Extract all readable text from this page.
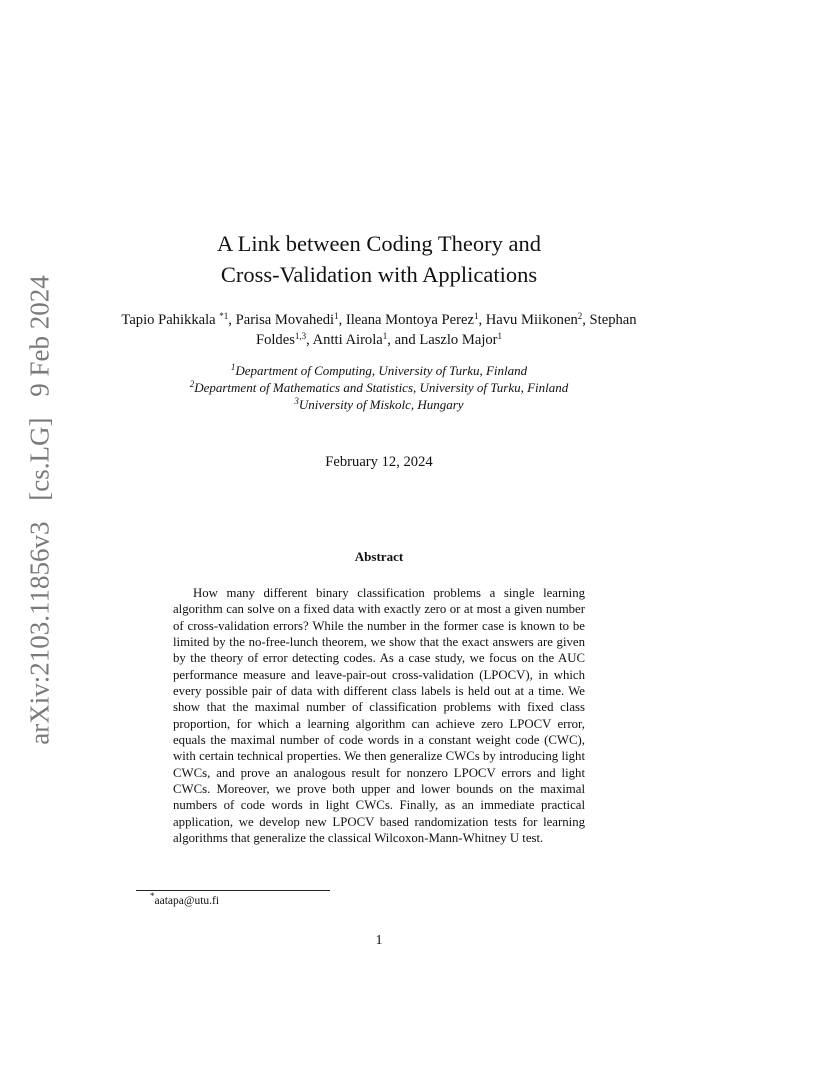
arXiv:2103.11856v3 [cs.LG] 9 Feb 2024
A Link between Coding Theory and
Cross-Validation with Applications
Tapio Pahikkala $^{*1}$, Parisa Movahedi$^1$, Ileana Montoya Perez$^1$, Havu Miikonen$^2$, Stephan Foldes$^{1,3}$, Antti Airola$^1$, and Laszlo Major$^1$
$^1$Department of Computing, University of Turku, Finland
$^2$Department of Mathematics and Statistics, University of Turku, Finland
$^3$University of Miskolc, Hungary
February 12, 2024
Abstract
How many different binary classification problems a single learning algorithm can solve on a fixed data with exactly zero or at most a given number of cross-validation errors? While the number in the former case is known to be limited by the no-free-lunch theorem, we show that the exact answers are given by the theory of error detecting codes. As a case study, we focus on the AUC performance measure and leave-pair-out cross-validation (LPOCV), in which every possible pair of data with different class labels is held out at a time. We show that the maximal number of classification problems with fixed class proportion, for which a learning algorithm can achieve zero LPOCV error, equals the maximal number of code words in a constant weight code (CWC), with certain technical properties. We then generalize CWCs by introducing light CWCs, and prove an analogous result for nonzero LPOCV errors and light CWCs. Moreover, we prove both upper and lower bounds on the maximal numbers of code words in light CWCs. Finally, as an immediate practical application, we develop new LPOCV based randomization tests for learning algorithms that generalize the classical Wilcoxon-Mann-Whitney U test.
*aatapa@utu.fi
1
